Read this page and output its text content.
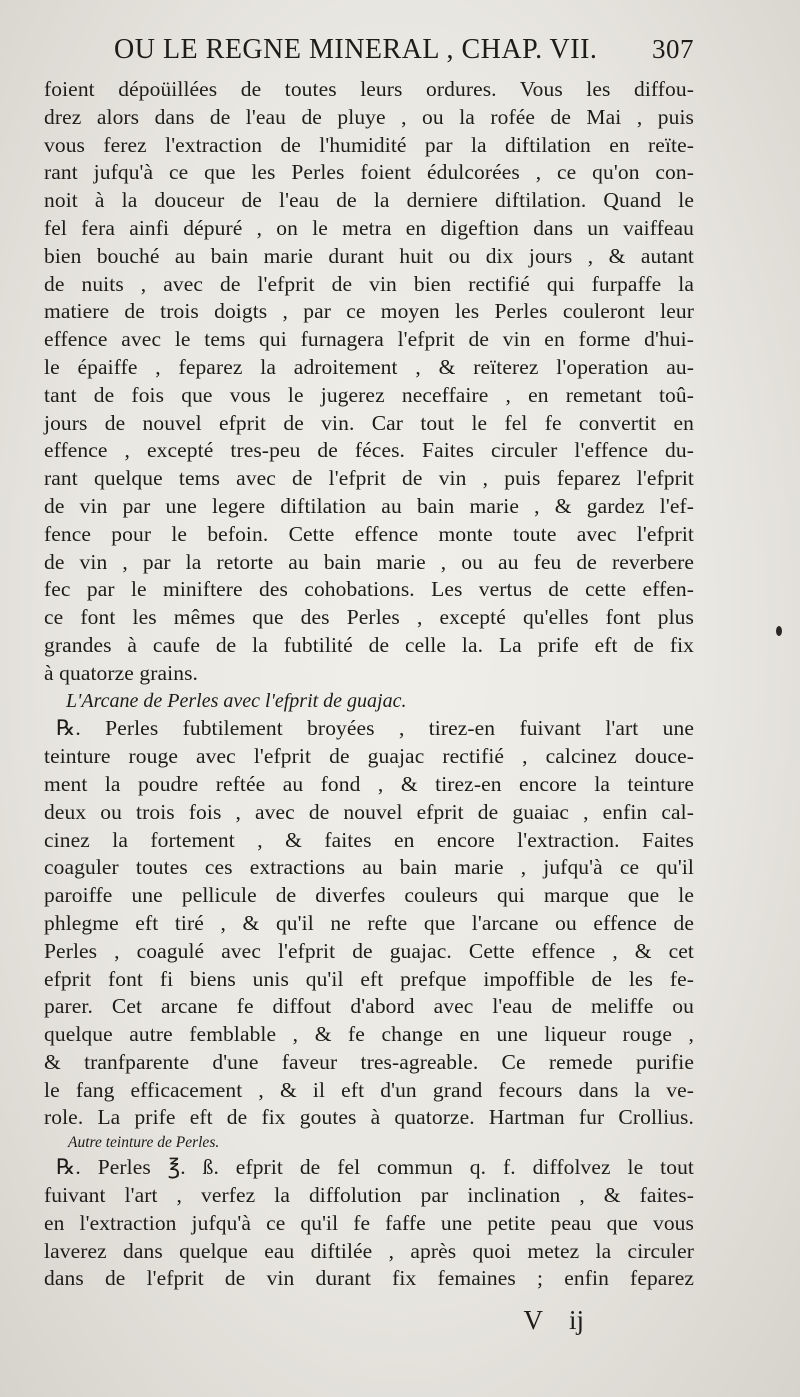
OU LE REGNE MINERAL , CHAP. VII. 307
foient dépoüillées de toutes leurs ordures. Vous les diffou-
drez alors dans de l'eau de pluye , ou la rofée de Mai , puis
vous ferez l'extraction de l'humidité par la diftilation en reïte-
rant jufqu'à ce que les Perles foient édulcorées , ce qu'on con-
noit à la douceur de l'eau de la derniere diftilation. Quand le
fel fera ainfi dépuré , on le metra en digeftion dans un vaiffeau
bien bouché au bain marie durant huit ou dix jours , & autant
de nuits , avec de l'efprit de vin bien rectifié qui furpaffe la
matiere de trois doigts , par ce moyen les Perles couleront leur
effence avec le tems qui furnagera l'efprit de vin en forme d'hui-
le épaiffe , feparez la adroitement , & reïterez l'operation au-
tant de fois que vous le jugerez neceffaire , en remetant toû-
jours de nouvel efprit de vin. Car tout le fel fe convertit en
effence , excepté tres-peu de féces. Faites circuler l'effence du-
rant quelque tems avec de l'efprit de vin , puis feparez l'efprit
de vin par une legere diftilation au bain marie , & gardez l'ef-
fence pour le befoin. Cette effence monte toute avec l'efprit
de vin , par la retorte au bain marie , ou au feu de reverbere
fec par le miniftere des cohobations. Les vertus de cette effen-
ce font les mêmes que des Perles , excepté qu'elles font plus
grandes à caufe de la fubtilité de celle la. La prife eft de fix
à quatorze grains.
L'Arcane de Perles avec l'efprit de guajac.
℞. Perles fubtilement broyées , tirez-en fuivant l'art une
teinture rouge avec l'efprit de guajac rectifié , calcinez douce-
ment la poudre reftée au fond , & tirez-en encore la teinture
deux ou trois fois , avec de nouvel efprit de guaiac , enfin cal-
cinez la fortement , & faites en encore l'extraction. Faites
coaguler toutes ces extractions au bain marie , jufqu'à ce qu'il
paroiffe une pellicule de diverfes couleurs qui marque que le
phlegme eft tiré , & qu'il ne refte que l'arcane ou effence de
Perles , coagulé avec l'efprit de guajac. Cette effence , & cet
efprit font fi biens unis qu'il eft prefque impoffible de les fe-
parer. Cet arcane fe diffout d'abord avec l'eau de meliffe ou
quelque autre femblable , & fe change en une liqueur rouge ,
& tranfparente d'une faveur tres-agreable. Ce remede purifie
le fang efficacement , & il eft d'un grand fecours dans la ve-
role. La prife eft de fix goutes à quatorze. Hartman fur Crollius.
Autre teinture de Perles.
℞. Perles ℥. ß. efprit de fel commun q. f. diffolvez le tout
fuivant l'art , verfez la diffolution par inclination , & faites-
en l'extraction jufqu'à ce qu'il fe faffe une petite peau que vous
laverez dans quelque eau diftilée , après quoi metez la circuler
dans de l'efprit de vin durant fix femaines ; enfin feparez
V ij
